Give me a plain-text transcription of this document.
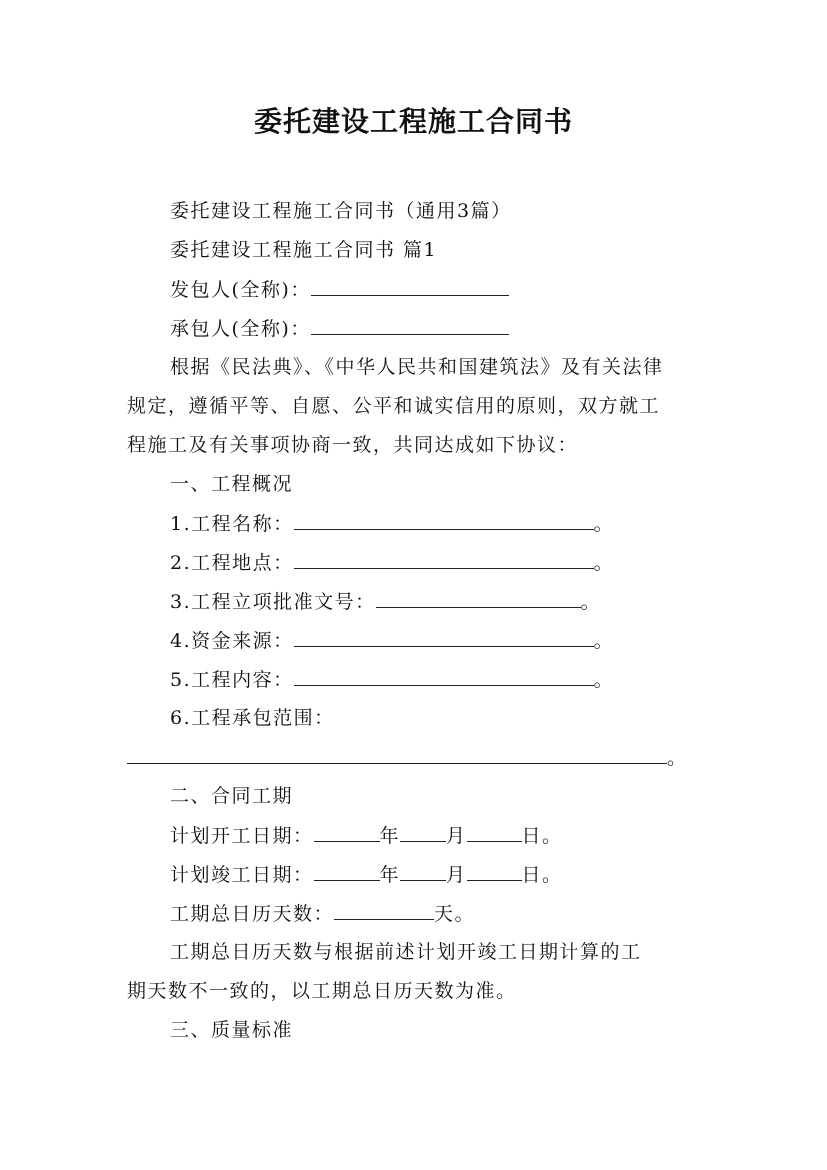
委托建设工程施工合同书
委托建设工程施工合同书（通用3篇）
委托建设工程施工合同书 篇1
发包人(全称)：
承包人(全称)：
根据《民法典》、《中华人民共和国建筑法》及有关法律
规定，遵循平等、自愿、公平和诚实信用的原则，双方就工
程施工及有关事项协商一致，共同达成如下协议：
一、工程概况
1.工程名称：	。
2.工程地点：	。
3.工程立项批准文号：	。
4.资金来源：	。
5.工程内容：	。
6.工程承包范围：
。
二、合同工期
计划开工日期：	年 月	日。
计划竣工日期：	年 月	日。
工期总日历天数：	天。
工期总日历天数与根据前述计划开竣工日期计算的工
期天数不一致的，以工期总日历天数为准。
三、质量标准
